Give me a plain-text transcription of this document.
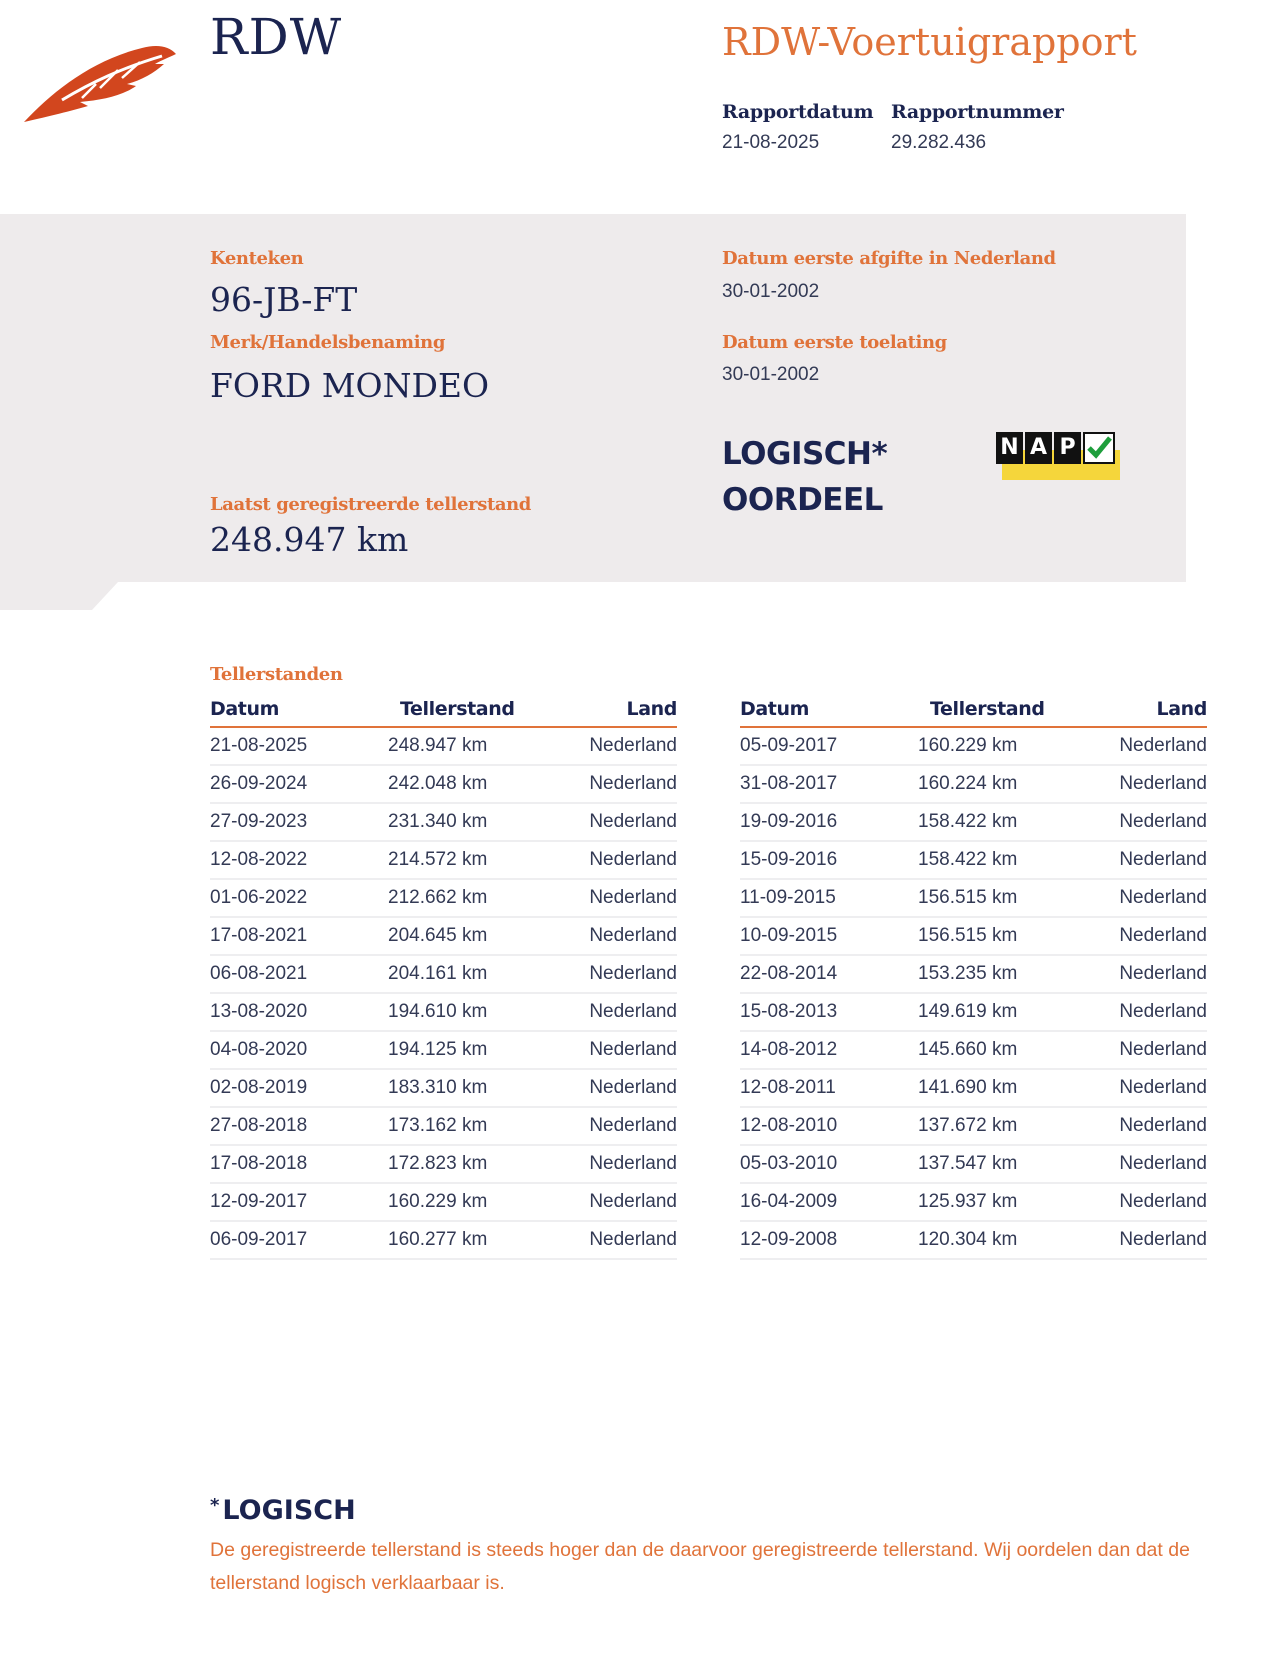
RDW	RDW-Voertuigrapport
Rapportdatum
21-08-2025
Rapportnummer
29.282.436
Kenteken
96-JB-FT
Merk/Handelsbenaming
FORD MONDEO
Laatst geregistreerde tellerstand
248.947 km
Datum eerste afgifte in Nederland
30-01-2002
Datum eerste toelating
30-01-2002
LOGISCH*
OORDEEL
N A P
Tellerstanden
Datum	Tellerstand	Land
21-08-2025	248.947 km	Nederland
26-09-2024	242.048 km	Nederland
27-09-2023	231.340 km	Nederland
12-08-2022	214.572 km	Nederland
01-06-2022	212.662 km	Nederland
17-08-2021	204.645 km	Nederland
06-08-2021	204.161 km	Nederland
13-08-2020	194.610 km	Nederland
04-08-2020	194.125 km	Nederland
02-08-2019	183.310 km	Nederland
27-08-2018	173.162 km	Nederland
17-08-2018	172.823 km	Nederland
12-09-2017	160.229 km	Nederland
06-09-2017	160.277 km	Nederland
Datum	Tellerstand	Land
05-09-2017	160.229 km	Nederland
31-08-2017	160.224 km	Nederland
19-09-2016	158.422 km	Nederland
15-09-2016	158.422 km	Nederland
11-09-2015	156.515 km	Nederland
10-09-2015	156.515 km	Nederland
22-08-2014	153.235 km	Nederland
15-08-2013	149.619 km	Nederland
14-08-2012	145.660 km	Nederland
12-08-2011	141.690 km	Nederland
12-08-2010	137.672 km	Nederland
05-03-2010	137.547 km	Nederland
16-04-2009	125.937 km	Nederland
12-09-2008	120.304 km	Nederland
* LOGISCH
De geregistreerde tellerstand is steeds hoger dan de daarvoor geregistreerde tellerstand. Wij oordelen dan dat de tellerstand logisch verklaarbaar is.
